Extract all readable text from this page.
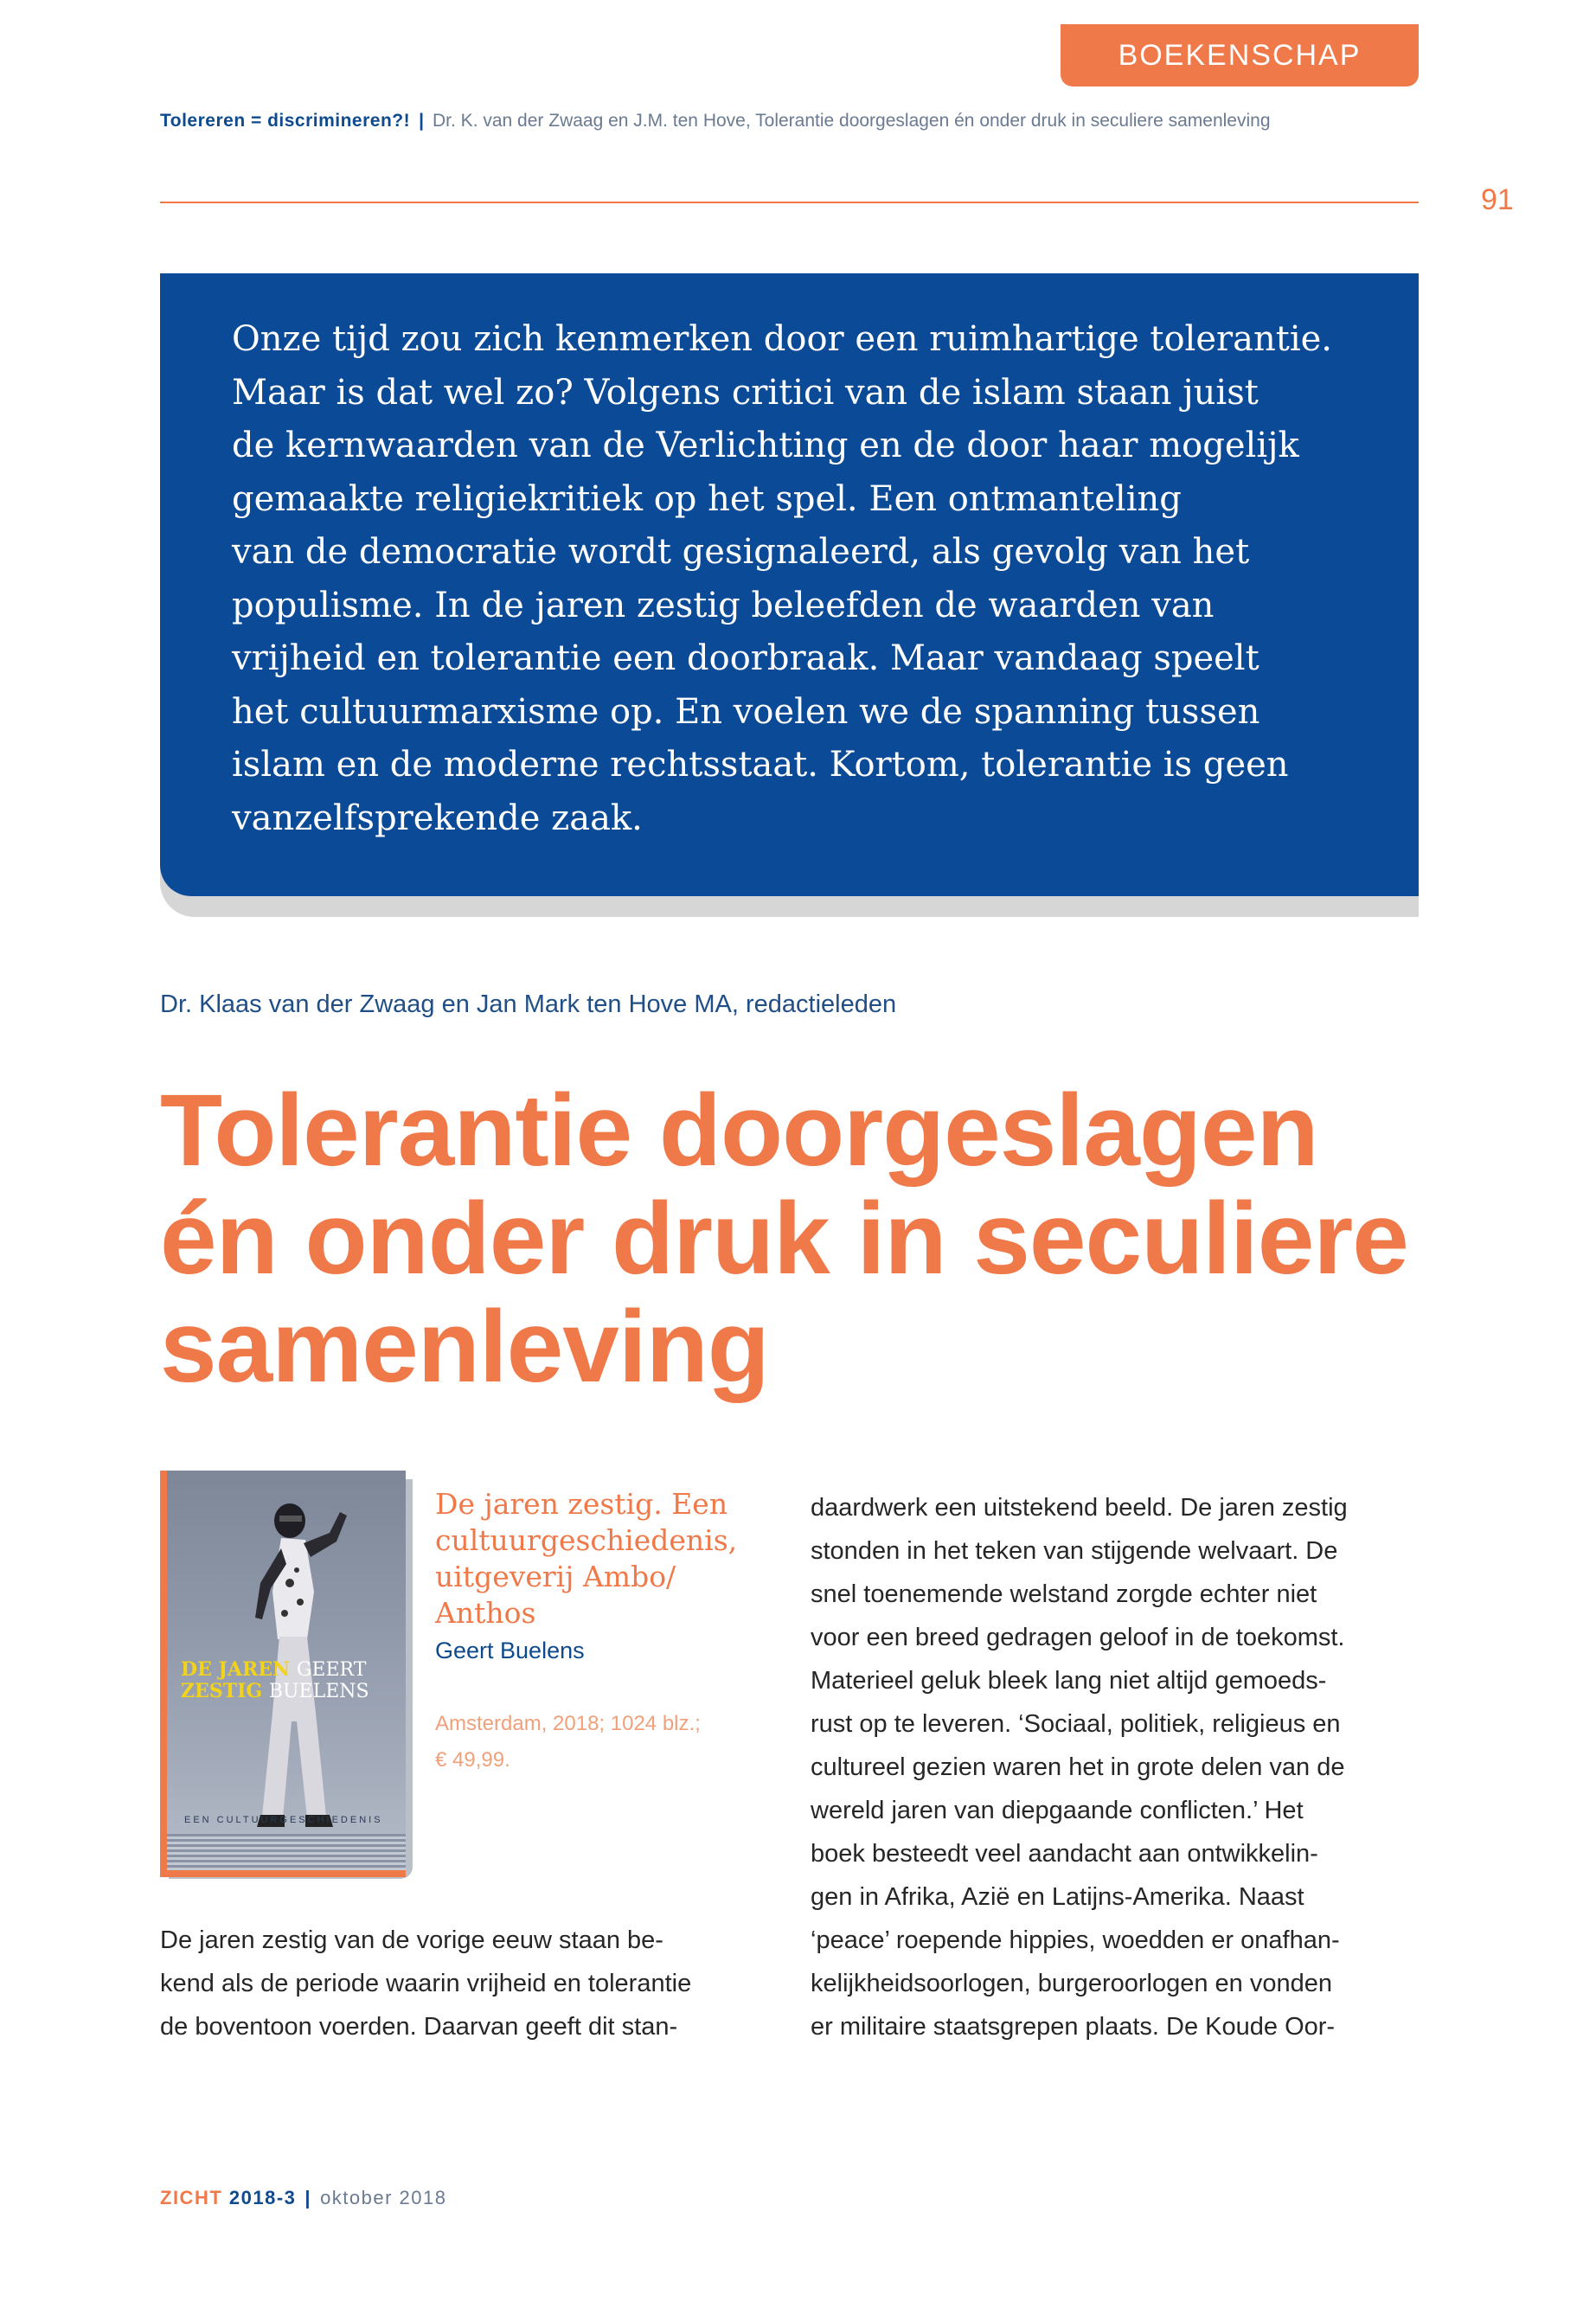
BOEKENSCHAP
Tolereren = discrimineren?! | Dr. K. van der Zwaag en J.M. ten Hove, Tolerantie doorgeslagen én onder druk in seculiere samenleving
91

Onze tijd zou zich kenmerken door een ruimhartige tolerantie.
Maar is dat wel zo? Volgens critici van de islam staan juist
de kernwaarden van de Verlichting en de door haar mogelijk
gemaakte religiekritiek op het spel. Een ontmanteling
van de democratie wordt gesignaleerd, als gevolg van het
populisme. In de jaren zestig beleefden de waarden van
vrijheid en tolerantie een doorbraak. Maar vandaag speelt
het cultuurmarxisme op. En voelen we de spanning tussen
islam en de moderne rechtsstaat. Kortom, tolerantie is geen
vanzelfsprekende zaak.

Dr. Klaas van der Zwaag en Jan Mark ten Hove MA, redactieleden
Tolerantie doorgeslagen
én onder druk in seculiere
samenleving
DE JAREN GEERT
ZESTIG BUELENS
EEN CULTUURGESCHIEDENIS

De jaren zestig. Een
cultuurgeschiedenis,
uitgeverij Ambo/
Anthos

Geert Buelens

Amsterdam, 2018; 1024 blz.;
€ 49,99.

De jaren zestig van de vorige eeuw staan be-
kend als de periode waarin vrijheid en tolerantie
de boventoon voerden. Daarvan geeft dit stan-

daardwerk een uitstekend beeld. De jaren zestig
stonden in het teken van stijgende welvaart. De
snel toenemende welstand zorgde echter niet
voor een breed gedragen geloof in de toekomst.
Materieel geluk bleek lang niet altijd gemoeds-
rust op te leveren. ‘Sociaal, politiek, religieus en
cultureel gezien waren het in grote delen van de
wereld jaren van diepgaande conflicten.’ Het
boek besteedt veel aandacht aan ontwikkelin-
gen in Afrika, Azië en Latijns-Amerika. Naast
‘peace’ roepende hippies, woedden er onafhan-
kelijkheidsoorlogen, burgeroorlogen en vonden
er militaire staatsgrepen plaats. De Koude Oor-

ZICHT 2018-3 | oktober 2018
